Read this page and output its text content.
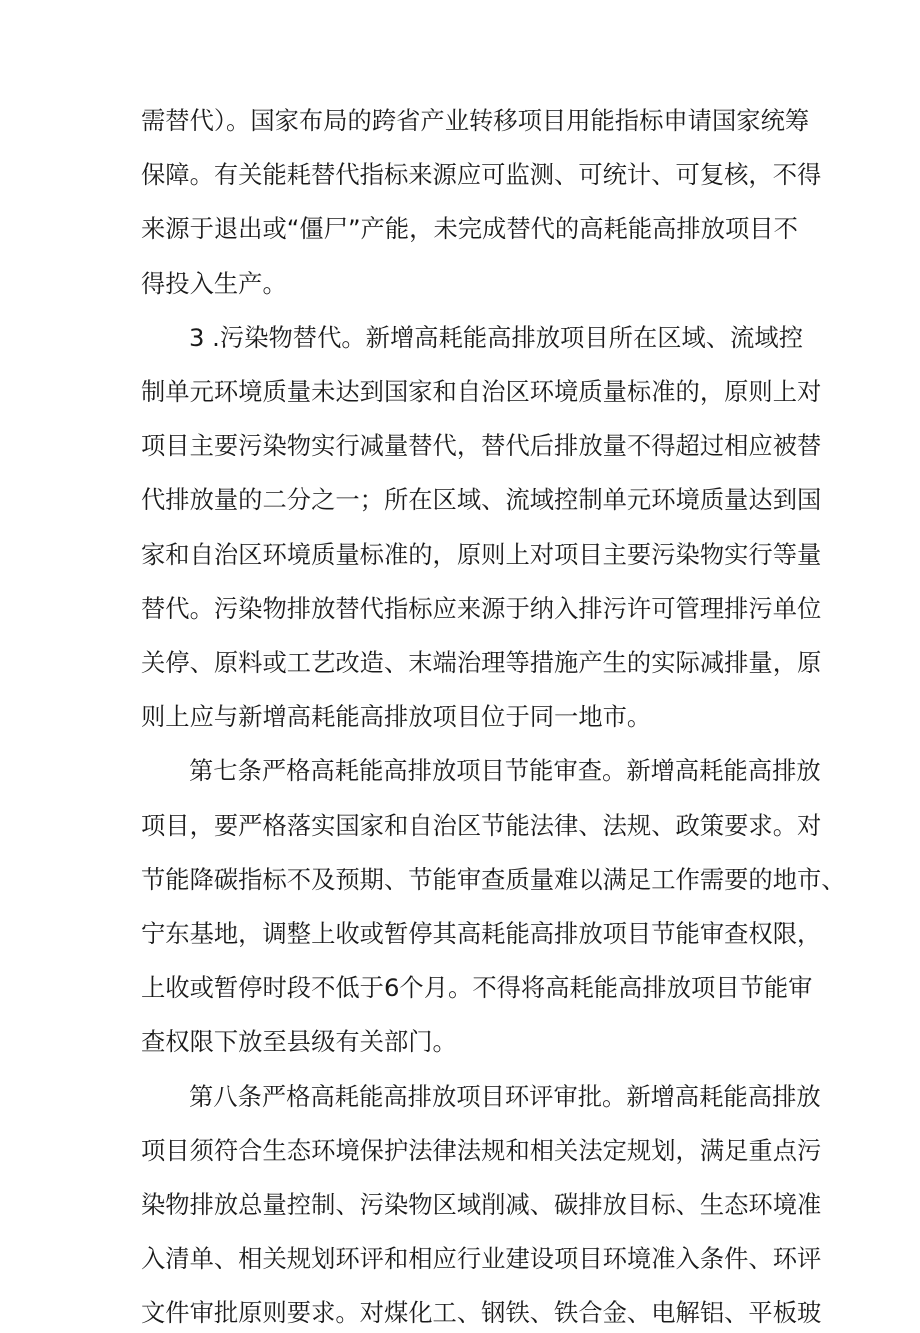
需替代）。国家布局的跨省产业转移项目用能指标申请国家统筹
保障。有关能耗替代指标来源应可监测、可统计、可复核，不得
来源于退出或“僵尸”产能，未完成替代的高耗能高排放项目不
得投入生产。
3 .污染物替代。新增高耗能高排放项目所在区域、流域控
制单元环境质量未达到国家和自治区环境质量标准的，原则上对
项目主要污染物实行减量替代，替代后排放量不得超过相应被替
代排放量的二分之一；所在区域、流域控制单元环境质量达到国
家和自治区环境质量标准的，原则上对项目主要污染物实行等量
替代。污染物排放替代指标应来源于纳入排污许可管理排污单位
关停、原料或工艺改造、末端治理等措施产生的实际减排量，原
则上应与新增高耗能高排放项目位于同一地市。
第七条严格高耗能高排放项目节能审查。新增高耗能高排放
项目，要严格落实国家和自治区节能法律、法规、政策要求。对
节能降碳指标不及预期、节能审查质量难以满足工作需要的地市、
宁东基地，调整上收或暂停其高耗能高排放项目节能审查权限，
上收或暂停时段不低于6个月。不得将高耗能高排放项目节能审
查权限下放至县级有关部门。
第八条严格高耗能高排放项目环评审批。新增高耗能高排放
项目须符合生态环境保护法律法规和相关法定规划，满足重点污
染物排放总量控制、污染物区域削减、碳排放目标、生态环境准
入清单、相关规划环评和相应行业建设项目环境准入条件、环评
文件审批原则要求。对煤化工、钢铁、铁合金、电解铝、平板玻
